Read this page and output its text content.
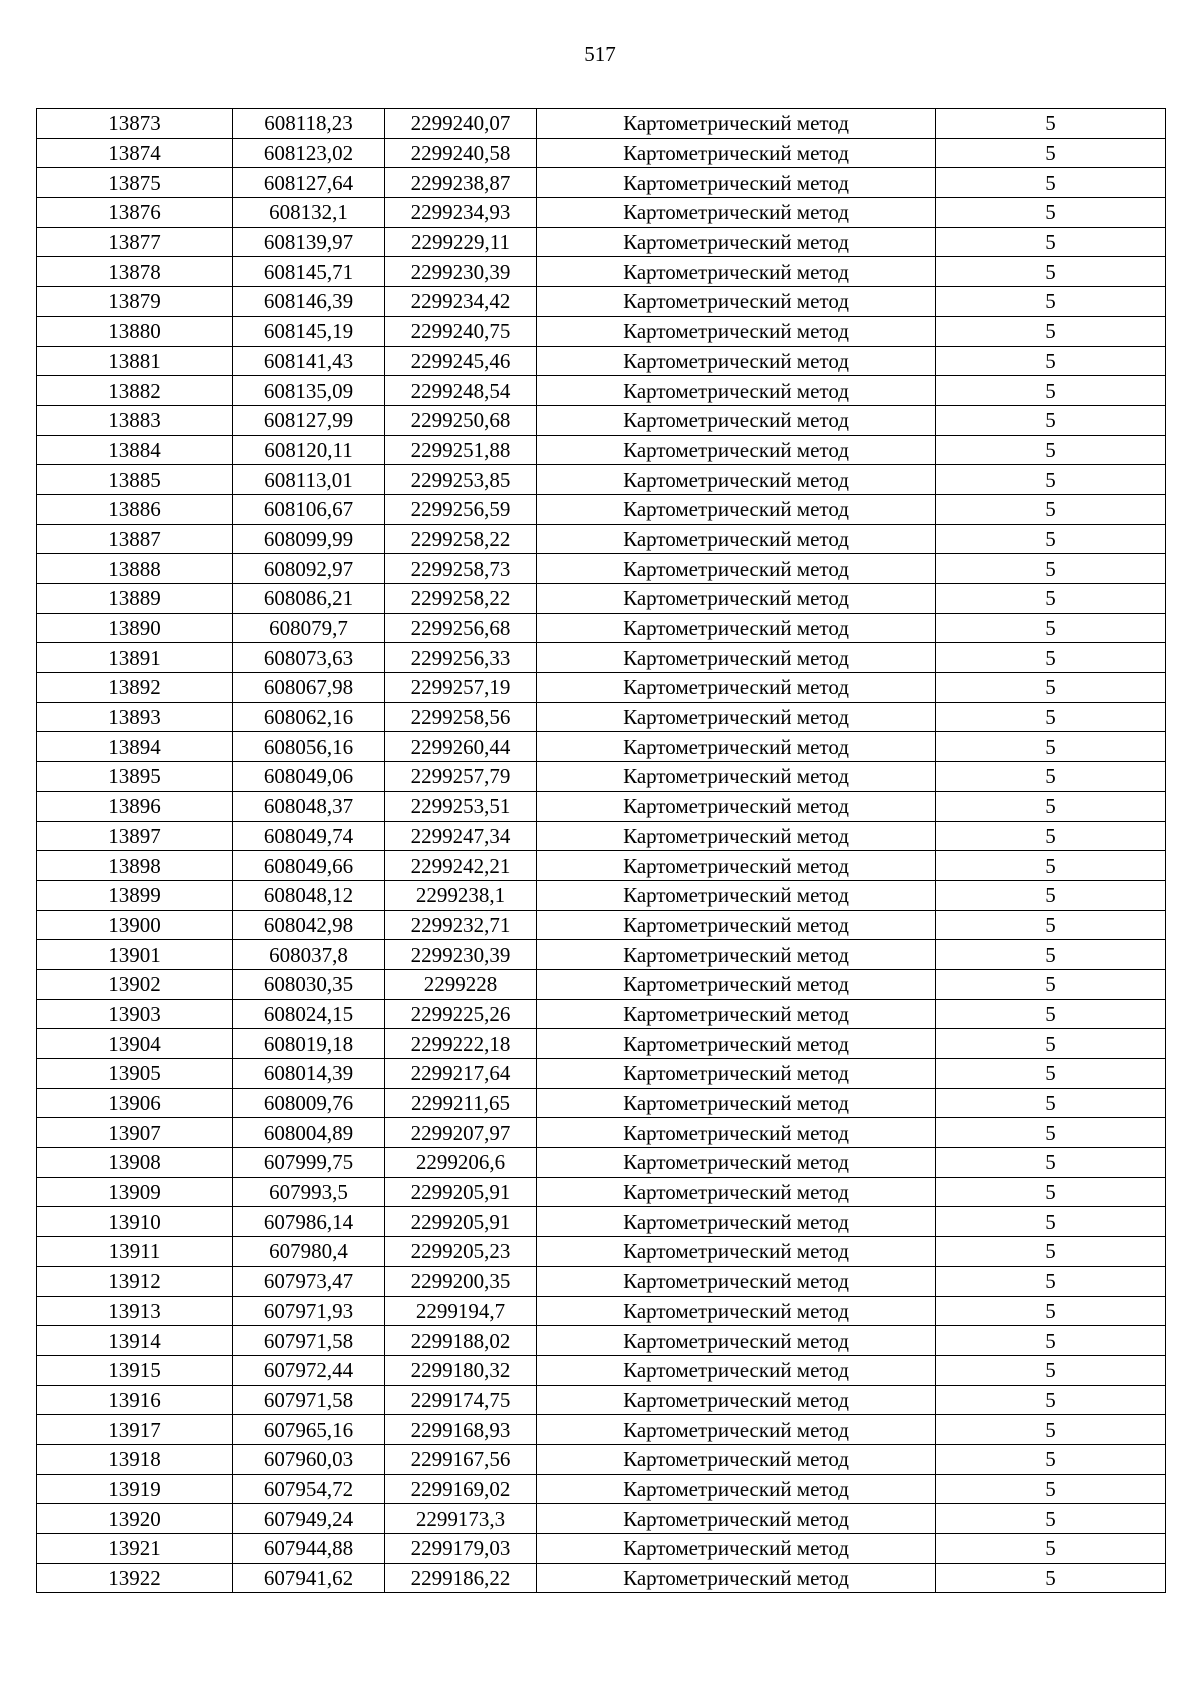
517
13873	608118,23	2299240,07	Картометрический метод	5
13874	608123,02	2299240,58	Картометрический метод	5
13875	608127,64	2299238,87	Картометрический метод	5
13876	608132,1	2299234,93	Картометрический метод	5
13877	608139,97	2299229,11	Картометрический метод	5
13878	608145,71	2299230,39	Картометрический метод	5
13879	608146,39	2299234,42	Картометрический метод	5
13880	608145,19	2299240,75	Картометрический метод	5
13881	608141,43	2299245,46	Картометрический метод	5
13882	608135,09	2299248,54	Картометрический метод	5
13883	608127,99	2299250,68	Картометрический метод	5
13884	608120,11	2299251,88	Картометрический метод	5
13885	608113,01	2299253,85	Картометрический метод	5
13886	608106,67	2299256,59	Картометрический метод	5
13887	608099,99	2299258,22	Картометрический метод	5
13888	608092,97	2299258,73	Картометрический метод	5
13889	608086,21	2299258,22	Картометрический метод	5
13890	608079,7	2299256,68	Картометрический метод	5
13891	608073,63	2299256,33	Картометрический метод	5
13892	608067,98	2299257,19	Картометрический метод	5
13893	608062,16	2299258,56	Картометрический метод	5
13894	608056,16	2299260,44	Картометрический метод	5
13895	608049,06	2299257,79	Картометрический метод	5
13896	608048,37	2299253,51	Картометрический метод	5
13897	608049,74	2299247,34	Картометрический метод	5
13898	608049,66	2299242,21	Картометрический метод	5
13899	608048,12	2299238,1	Картометрический метод	5
13900	608042,98	2299232,71	Картометрический метод	5
13901	608037,8	2299230,39	Картометрический метод	5
13902	608030,35	2299228	Картометрический метод	5
13903	608024,15	2299225,26	Картометрический метод	5
13904	608019,18	2299222,18	Картометрический метод	5
13905	608014,39	2299217,64	Картометрический метод	5
13906	608009,76	2299211,65	Картометрический метод	5
13907	608004,89	2299207,97	Картометрический метод	5
13908	607999,75	2299206,6	Картометрический метод	5
13909	607993,5	2299205,91	Картометрический метод	5
13910	607986,14	2299205,91	Картометрический метод	5
13911	607980,4	2299205,23	Картометрический метод	5
13912	607973,47	2299200,35	Картометрический метод	5
13913	607971,93	2299194,7	Картометрический метод	5
13914	607971,58	2299188,02	Картометрический метод	5
13915	607972,44	2299180,32	Картометрический метод	5
13916	607971,58	2299174,75	Картометрический метод	5
13917	607965,16	2299168,93	Картометрический метод	5
13918	607960,03	2299167,56	Картометрический метод	5
13919	607954,72	2299169,02	Картометрический метод	5
13920	607949,24	2299173,3	Картометрический метод	5
13921	607944,88	2299179,03	Картометрический метод	5
13922	607941,62	2299186,22	Картометрический метод	5
